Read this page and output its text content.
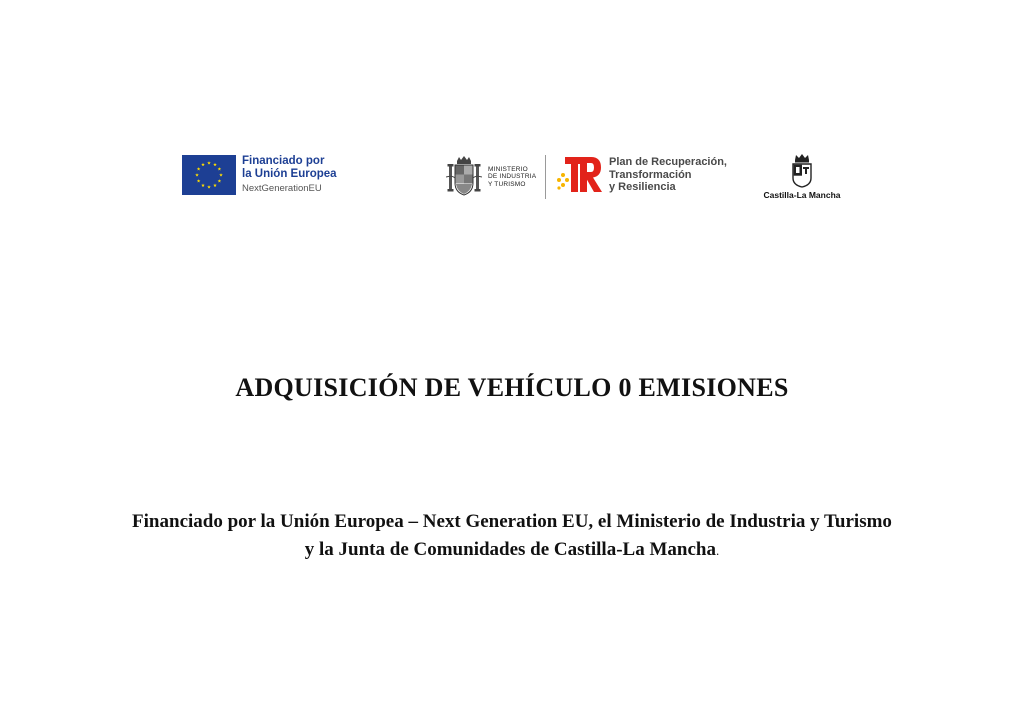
Financiado por
la Unión Europea
NextGenerationEU
MINISTERIO
DE INDUSTRIA
Y TURISMO
Plan de Recuperación,
Transformación
y Resiliencia
Castilla-La Mancha
ADQUISICIÓN DE VEHÍCULO 0 EMISIONES
Financiado por la Unión Europea – Next Generation EU, el Ministerio de Industria y Turismo
y la Junta de Comunidades de Castilla-La Mancha.
